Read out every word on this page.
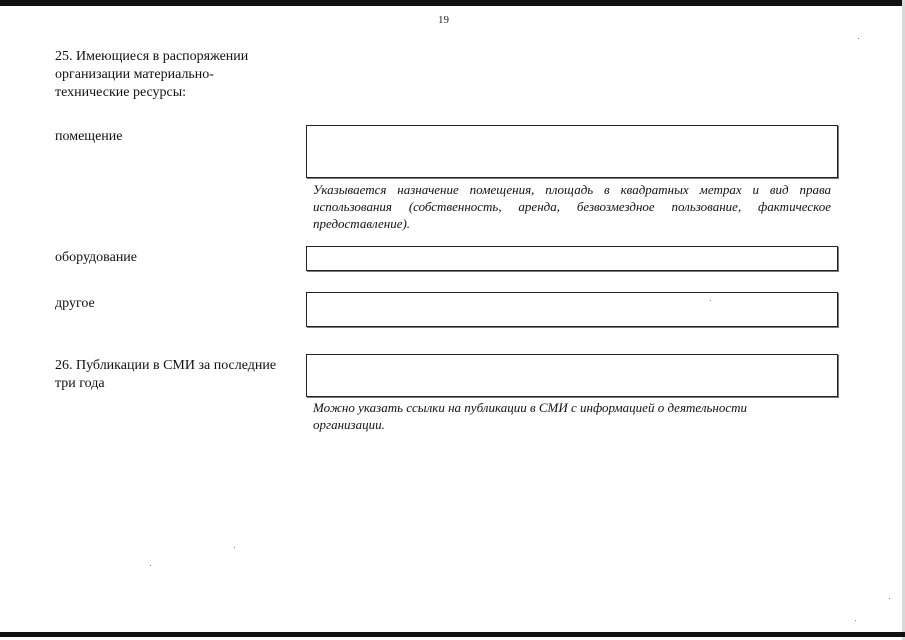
19
25. Имеющиеся в распоряжении
организации материально-
технические ресурсы:
помещение
Указывается назначение помещения, площадь в квадратных метрах и вид права использования (собственность, аренда, безвозмездное пользование, фактическое предоставление).
оборудование
другое
26. Публикации в СМИ за последние
три года
Можно указать ссылки на публикации в СМИ с информацией о деятельности
организации.
